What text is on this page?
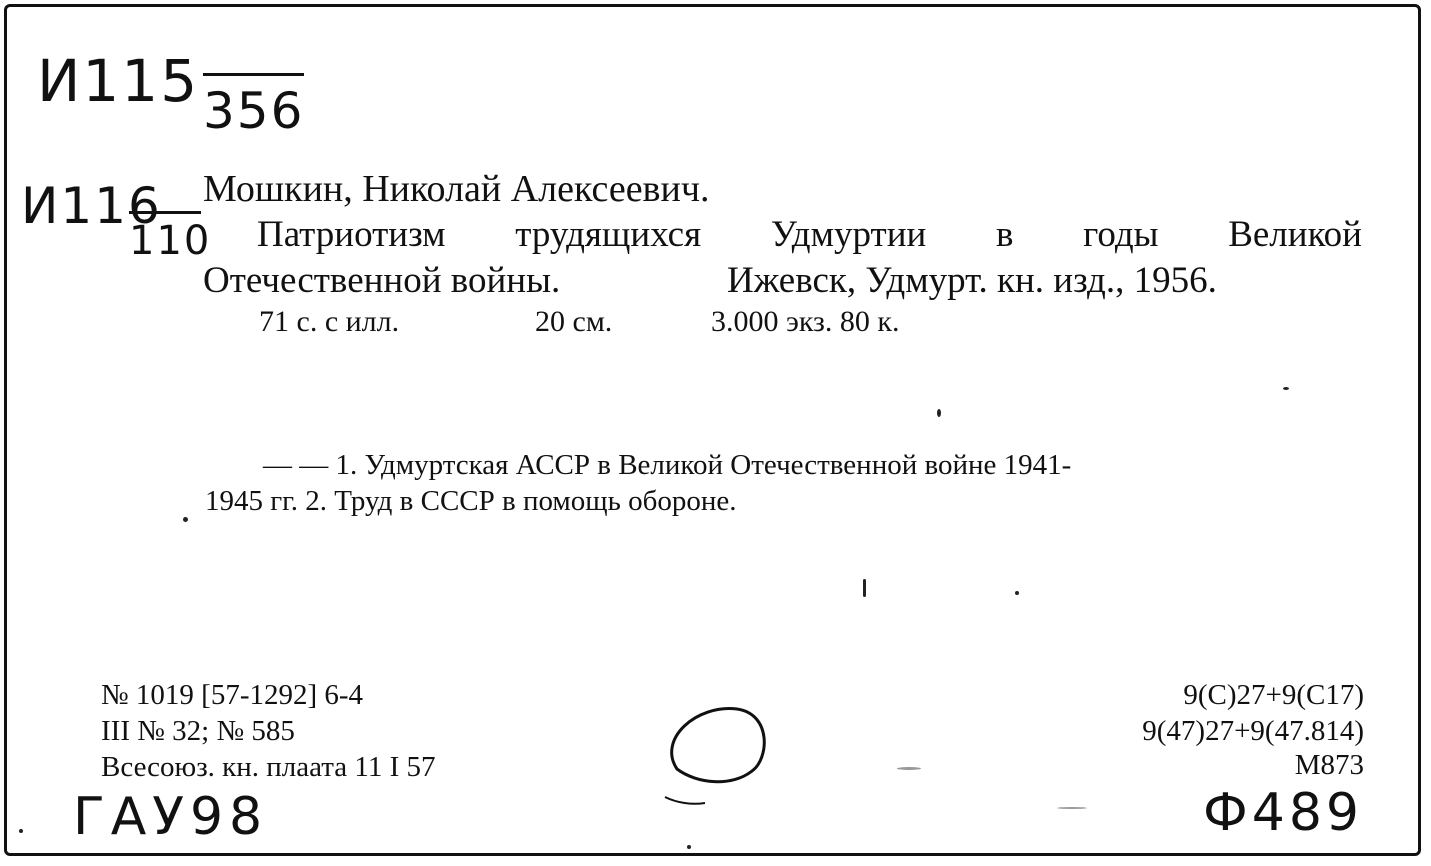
И115 356
И116
110
Мошкин, Николай Алексеевич.
Патриотизм трудящихся Удмуртии в годы Великой
Отечественной войны.	Ижевск, Удмурт. кн. изд., 1956.
71 с. с илл.	20 см.	3.000 экз. 80 к.
— — 1. Удмуртская АССР в Великой Отечественной войне 1941-
1945 гг. 2. Труд в СССР в помощь обороне.
№ 1019 [57-1292] 6-4
III № 32; № 585
Всесоюз. кн. плаата 11 I 57
9(С)27+9(С17)
9(47)27+9(47.814)
М873
ГАУ98	Ф489
